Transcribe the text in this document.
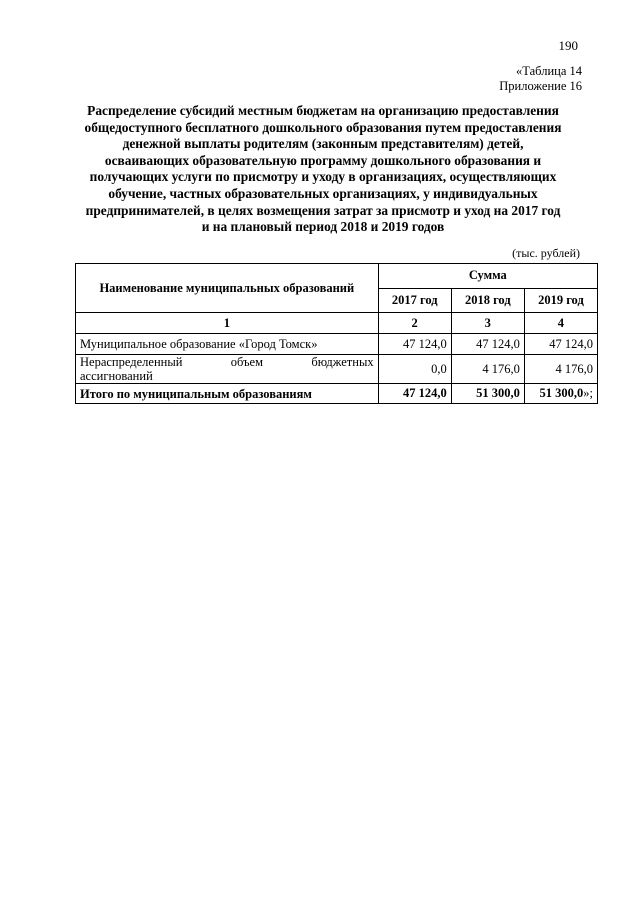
190
«Таблица 14
Приложение 16
Распределение субсидий местным бюджетам на организацию предоставления
общедоступного бесплатного дошкольного образования путем предоставления
денежной выплаты родителям (законным представителям) детей,
осваивающих образовательную программу дошкольного образования и
получающих услуги по присмотру и уходу в организациях, осуществляющих
обучение, частных образовательных организациях, у индивидуальных
предпринимателей, в целях возмещения затрат за присмотр и уход на 2017 год
и на плановый период 2018 и 2019 годов
(тыс. рублей)
Наименование муниципальных образований	Сумма		
	2017 год	2018 год	2019 год
1	2	3	4
Муниципальное образование «Город Томск»	47 124,0	47 124,0	47 124,0

Нераспределенный объем бюджетных
ассигнований	0,0	4 176,0	4 176,0
Итого по муниципальным образованиям	47 124,0	51 300,0	51 300,0»;
